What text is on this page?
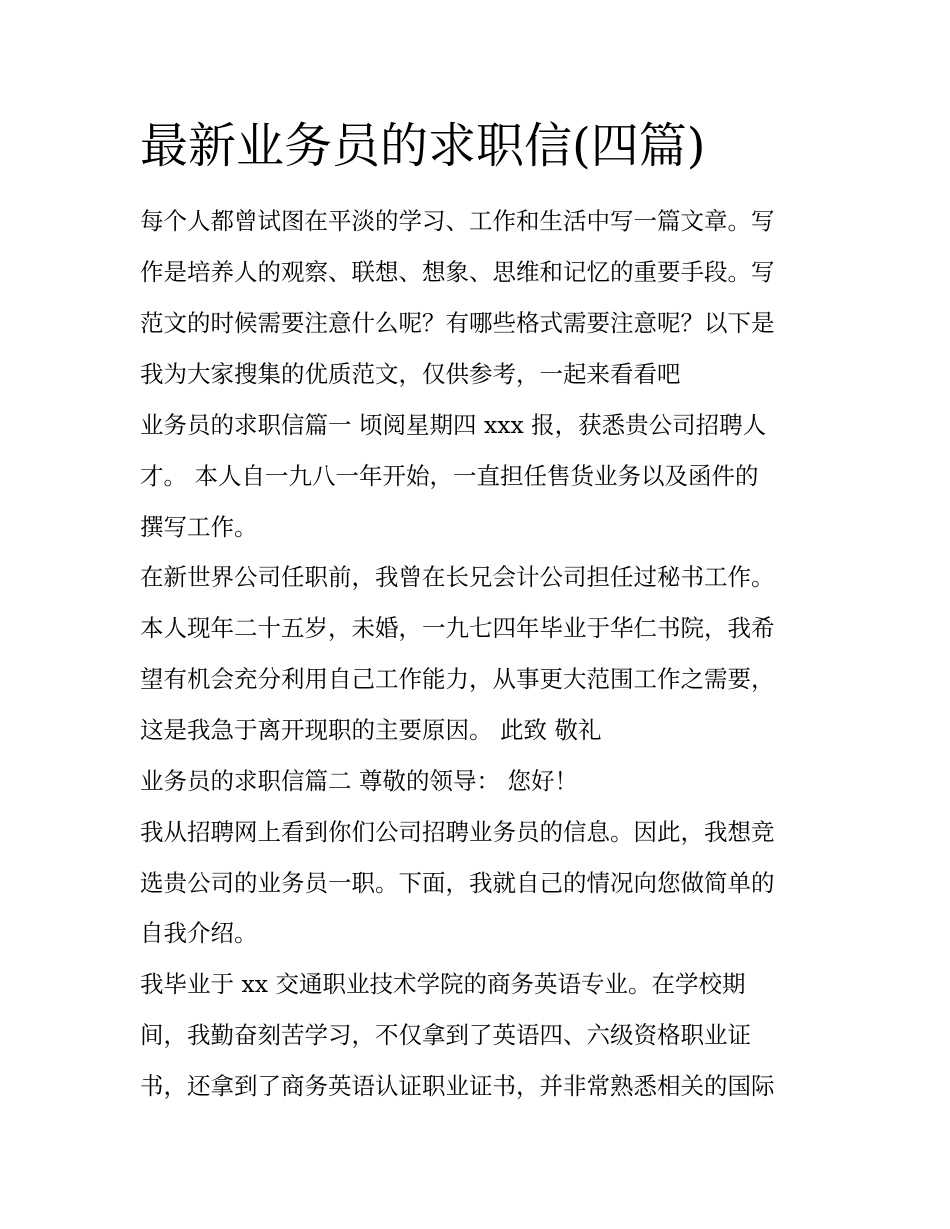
最新业务员的求职信(四篇)
每个人都曾试图在平淡的学习、工作和生活中写一篇文章。写
作是培养人的观察、联想、想象、思维和记忆的重要手段。写
范文的时候需要注意什么呢？有哪些格式需要注意呢？以下是
我为大家搜集的优质范文，仅供参考，一起来看看吧
业务员的求职信篇一 顷阅星期四 xxx 报，获悉贵公司招聘人
才。 本人自一九八一年开始，一直担任售货业务以及函件的
撰写工作。
在新世界公司任职前，我曾在长兄会计公司担任过秘书工作。
本人现年二十五岁，未婚，一九七四年毕业于华仁书院，我希
望有机会充分利用自己工作能力，从事更大范围工作之需要，
这是我急于离开现职的主要原因。 此致 敬礼
业务员的求职信篇二 尊敬的领导： 您好！
我从招聘网上看到你们公司招聘业务员的信息。因此，我想竞
选贵公司的业务员一职。下面，我就自己的情况向您做简单的
自我介绍。
我毕业于 xx 交通职业技术学院的商务英语专业。在学校期
间，我勤奋刻苦学习，不仅拿到了英语四、六级资格职业证
书，还拿到了商务英语认证职业证书，并非常熟悉相关的国际
